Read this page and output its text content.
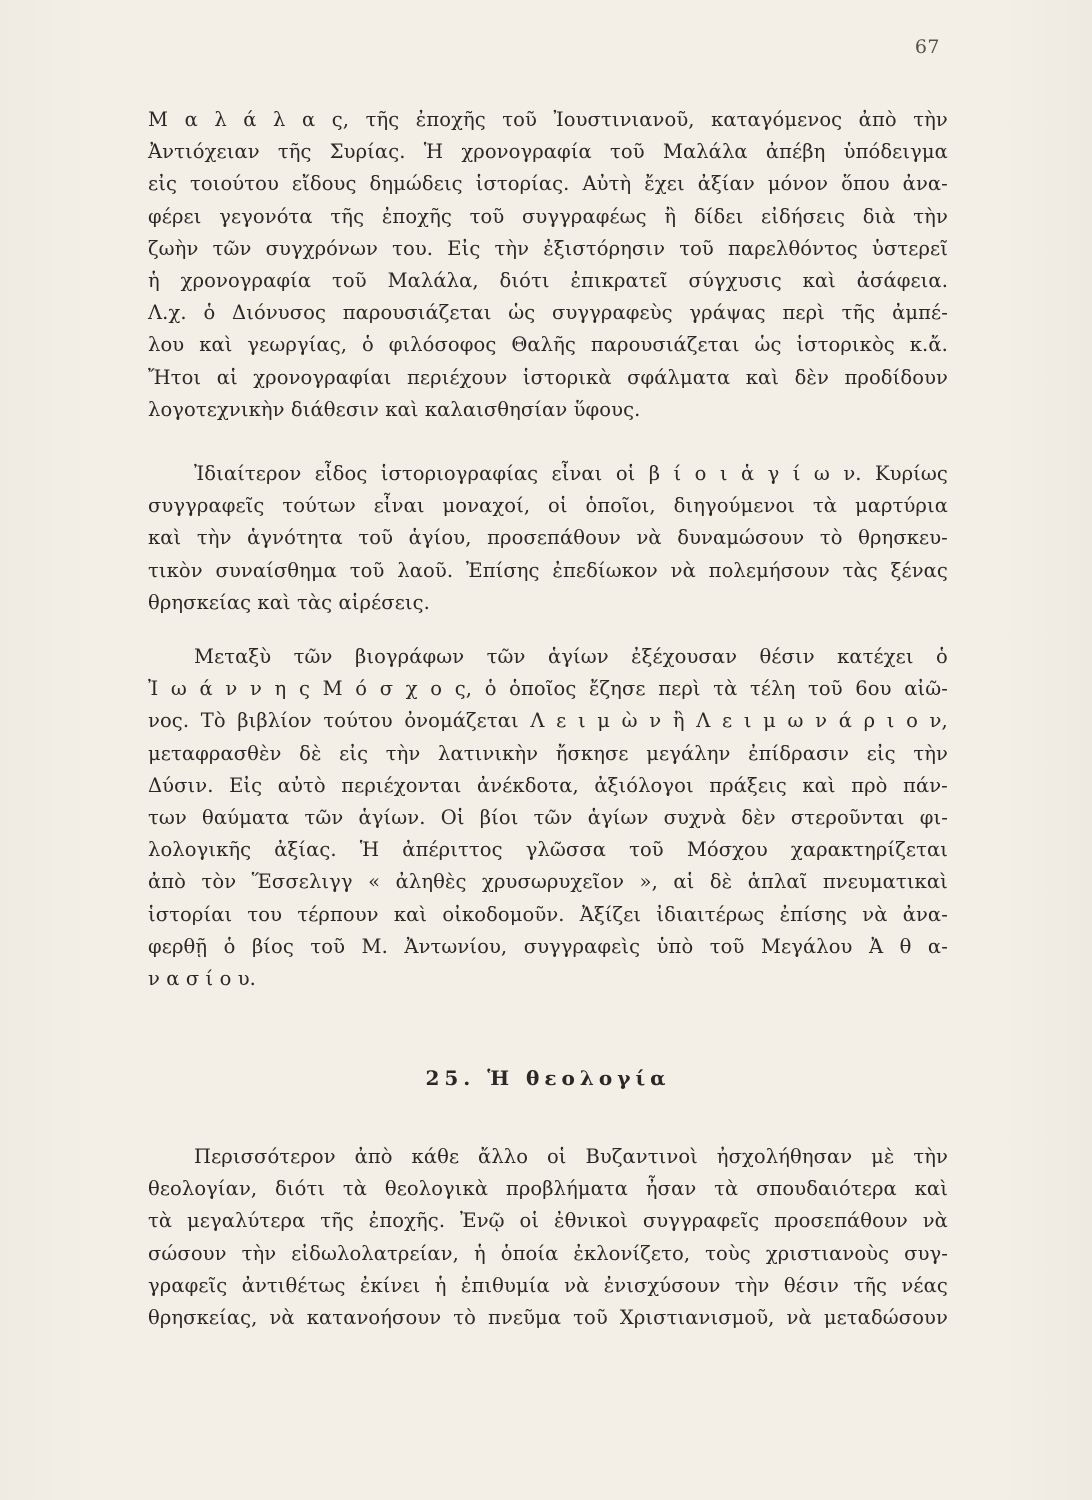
67
Μ α λ ά λ α ς, τῆς ἐποχῆς τοῦ Ἰουστινιανοῦ, καταγόμενος ἀπὸ τὴν
Ἀντιόχειαν τῆς Συρίας. Ἡ χρονογραφία τοῦ Μαλάλα ἀπέβη ὑπόδειγμα
εἰς τοιούτου εἴδους δημώδεις ἱστορίας. Αὐτὴ ἔχει ἀξίαν μόνον ὅπου ἀνα-
φέρει γεγονότα τῆς ἐποχῆς τοῦ συγγραφέως ἢ δίδει εἰδήσεις διὰ τὴν
ζωὴν τῶν συγχρόνων του. Εἰς τὴν ἐξιστόρησιν τοῦ παρελθόντος ὑστερεῖ
ἡ χρονογραφία τοῦ Μαλάλα, διότι ἐπικρατεῖ σύγχυσις καὶ ἀσάφεια.
Λ.χ. ὁ Διόνυσος παρουσιάζεται ὡς συγγραφεὺς γράψας περὶ τῆς ἀμπέ-
λου καὶ γεωργίας, ὁ φιλόσοφος Θαλῆς παρουσιάζεται ὡς ἱστορικὸς κ.ἄ.
Ἤτοι αἱ χρονογραφίαι περιέχουν ἱστορικὰ σφάλματα καὶ δὲν προδίδουν
λογοτεχνικὴν διάθεσιν καὶ καλαισθησίαν ὕφους.
Ἰδιαίτερον εἶδος ἱστοριογραφίας εἶναι οἱ β ί ο ι ἁ γ ί ω ν. Κυρίως
συγγραφεῖς τούτων εἶναι μοναχοί, οἱ ὁποῖοι, διηγούμενοι τὰ μαρτύρια
καὶ τὴν ἁγνότητα τοῦ ἁγίου, προσεπάθουν νὰ δυναμώσουν τὸ θρησκευ-
τικὸν συναίσθημα τοῦ λαοῦ. Ἐπίσης ἐπεδίωκον νὰ πολεμήσουν τὰς ξένας
θρησκείας καὶ τὰς αἱρέσεις.
Μεταξὺ τῶν βιογράφων τῶν ἁγίων ἐξέχουσαν θέσιν κατέχει ὁ
Ἰ ω ά ν ν η ς Μ ό σ χ ο ς, ὁ ὁποῖος ἔζησε περὶ τὰ τέλη τοῦ 6ου αἰῶ-
νος. Τὸ βιβλίον τούτου ὀνομάζεται Λ ε ι μ ὼ ν ἢ Λ ε ι μ ω ν ά ρ ι ο ν,
μεταφρασθὲν δὲ εἰς τὴν λατινικὴν ἤσκησε μεγάλην ἐπίδρασιν εἰς τὴν
Δύσιν. Εἰς αὐτὸ περιέχονται ἀνέκδοτα, ἀξιόλογοι πράξεις καὶ πρὸ πάν-
των θαύματα τῶν ἁγίων. Οἱ βίοι τῶν ἁγίων συχνὰ δὲν στεροῦνται φι-
λολογικῆς ἀξίας. Ἡ ἀπέριττος γλῶσσα τοῦ Μόσχου χαρακτηρίζεται
ἀπὸ τὸν Ἕσσελιγγ « ἀληθὲς χρυσωρυχεῖον », αἱ δὲ ἁπλαῖ πνευματικαὶ
ἱστορίαι του τέρπουν καὶ οἰκοδομοῦν. Ἀξίζει ἰδιαιτέρως ἐπίσης νὰ ἀνα-
φερθῇ ὁ βίος τοῦ Μ. Ἀντωνίου, συγγραφεὶς ὑπὸ τοῦ Μεγάλου Ἀ θ α-
ν α σ ί ο υ.
25. Ἡ θεολογία
Περισσότερον ἀπὸ κάθε ἄλλο οἱ Βυζαντινοὶ ἠσχολήθησαν μὲ τὴν
θεολογίαν, διότι τὰ θεολογικὰ προβλήματα ἦσαν τὰ σπουδαιότερα καὶ
τὰ μεγαλύτερα τῆς ἐποχῆς. Ἐνῷ οἱ ἐθνικοὶ συγγραφεῖς προσεπάθουν νὰ
σώσουν τὴν εἰδωλολατρείαν, ἡ ὁποία ἐκλονίζετο, τοὺς χριστιανοὺς συγ-
γραφεῖς ἀντιθέτως ἐκίνει ἡ ἐπιθυμία νὰ ἐνισχύσουν τὴν θέσιν τῆς νέας
θρησκείας, νὰ κατανοήσουν τὸ πνεῦμα τοῦ Χριστιανισμοῦ, νὰ μεταδώσουν
